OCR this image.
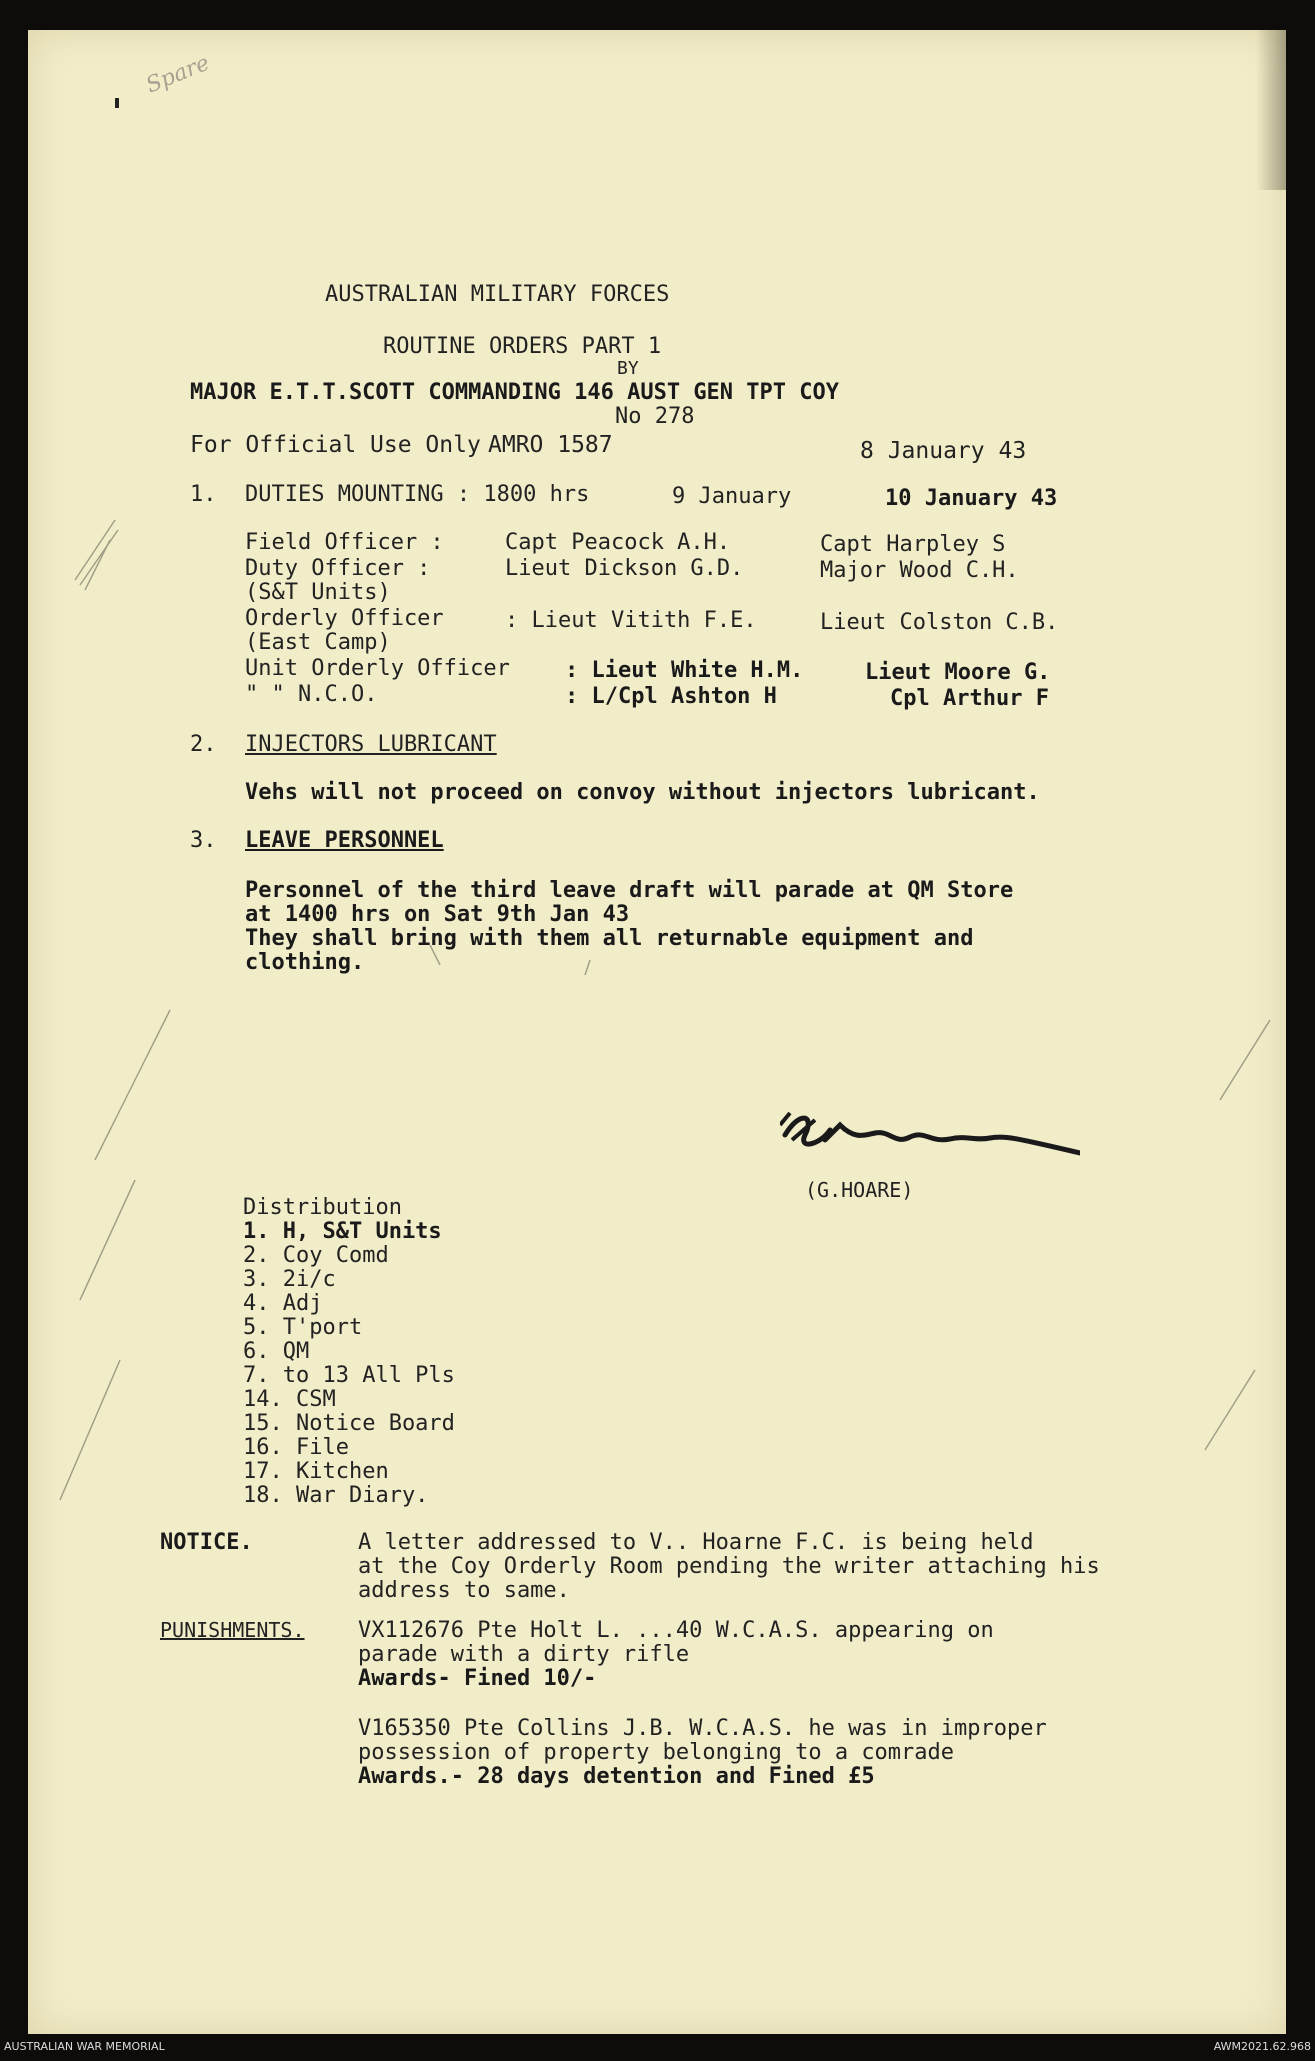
Spare
AUSTRALIAN MILITARY FORCES
ROUTINE ORDERS PART 1
BY
MAJOR E.T.T.SCOTT COMMANDING 146 AUST GEN TPT COY
No 278
For Official Use Only AMRO 1587	8 January 43
1. DUTIES MOUNTING : 1800 hrs	9 January	10 January 43
Field Officer :	Capt Peacock A.H.	Capt Harpley S
Duty Officer :	Lieut Dickson G.D.	Major Wood C.H.
(S&T Units)
Orderly Officer	: Lieut Vitith F.E.	Lieut Colston C.B.
(East Camp)
Unit Orderly Officer	: Lieut White H.M.	Lieut Moore G.
" " N.C.O.	: L/Cpl Ashton H	Cpl Arthur F
2. INJECTORS LUBRICANT
Vehs will not proceed on convoy without injectors lubricant.
3. LEAVE PERSONNEL
Personnel of the third leave draft will parade at QM Store
at 1400 hrs on Sat 9th Jan 43
They shall bring with them all returnable equipment and
clothing.
(G.HOARE)
Distribution
1. H, S&T Units
2. Coy Comd
3. 2i/c
4. Adj
5. T'port
6. QM
7. to 13 All Pls
14. CSM
15. Notice Board
16. File
17. Kitchen
18. War Diary.
NOTICE.	A letter addressed to V.. Hoarne F.C. is being held
at the Coy Orderly Room pending the writer attaching his
address to same.
PUNISHMENTS. VX112676 Pte Holt L. ...40 W.C.A.S. appearing on
parade with a dirty rifle
Awards- Fined 10/-
V165350 Pte Collins J.B. W.C.A.S. he was in improper
possession of property belonging to a comrade
Awards.- 28 days detention and Fined £5
AUSTRALIAN WAR MEMORIAL	AWM2021.62.968
